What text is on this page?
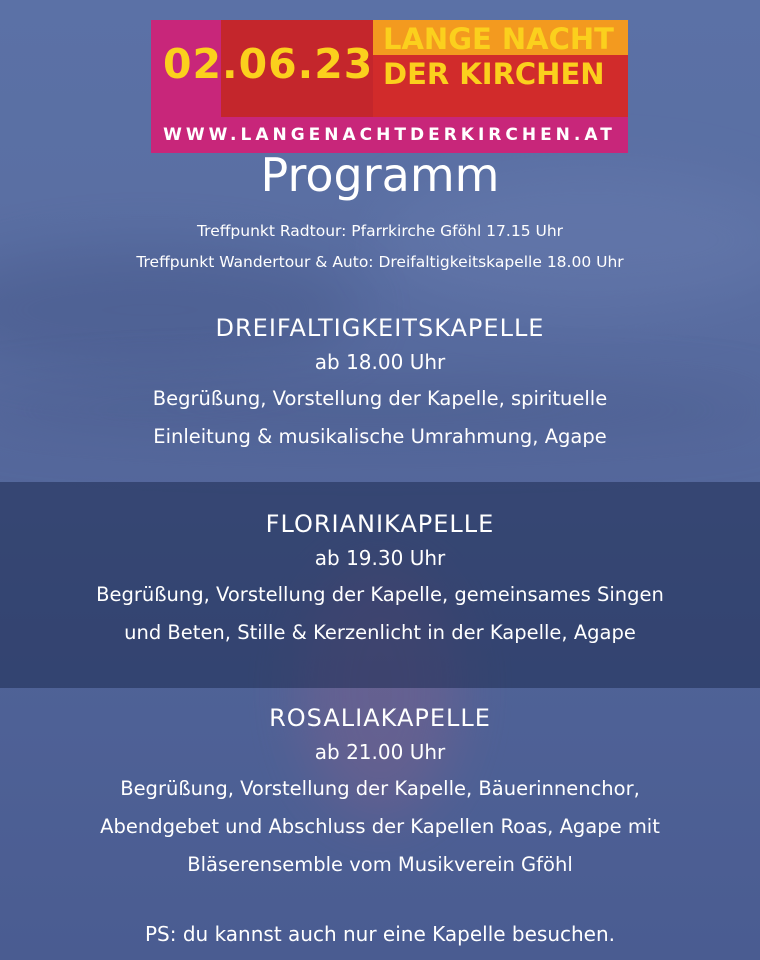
02.06.23
LANGE NACHT
DER KIRCHEN
WWW.LANGENACHTDERKIRCHEN.AT
Programm
Treffpunkt Radtour: Pfarrkirche Gföhl 17.15 Uhr
Treffpunkt Wandertour & Auto: Dreifaltigkeitskapelle 18.00 Uhr
DREIFALTIGKEITSKAPELLE
ab 18.00 Uhr
Begrüßung, Vorstellung der Kapelle, spirituelle
Einleitung & musikalische Umrahmung, Agape
FLORIANIKAPELLE
ab 19.30 Uhr
Begrüßung, Vorstellung der Kapelle, gemeinsames Singen
und Beten, Stille & Kerzenlicht in der Kapelle, Agape
ROSALIAKAPELLE
ab 21.00 Uhr
Begrüßung, Vorstellung der Kapelle, Bäuerinnenchor,
Abendgebet und Abschluss der Kapellen Roas, Agape mit
Bläserensemble vom Musikverein Gföhl
PS: du kannst auch nur eine Kapelle besuchen.
